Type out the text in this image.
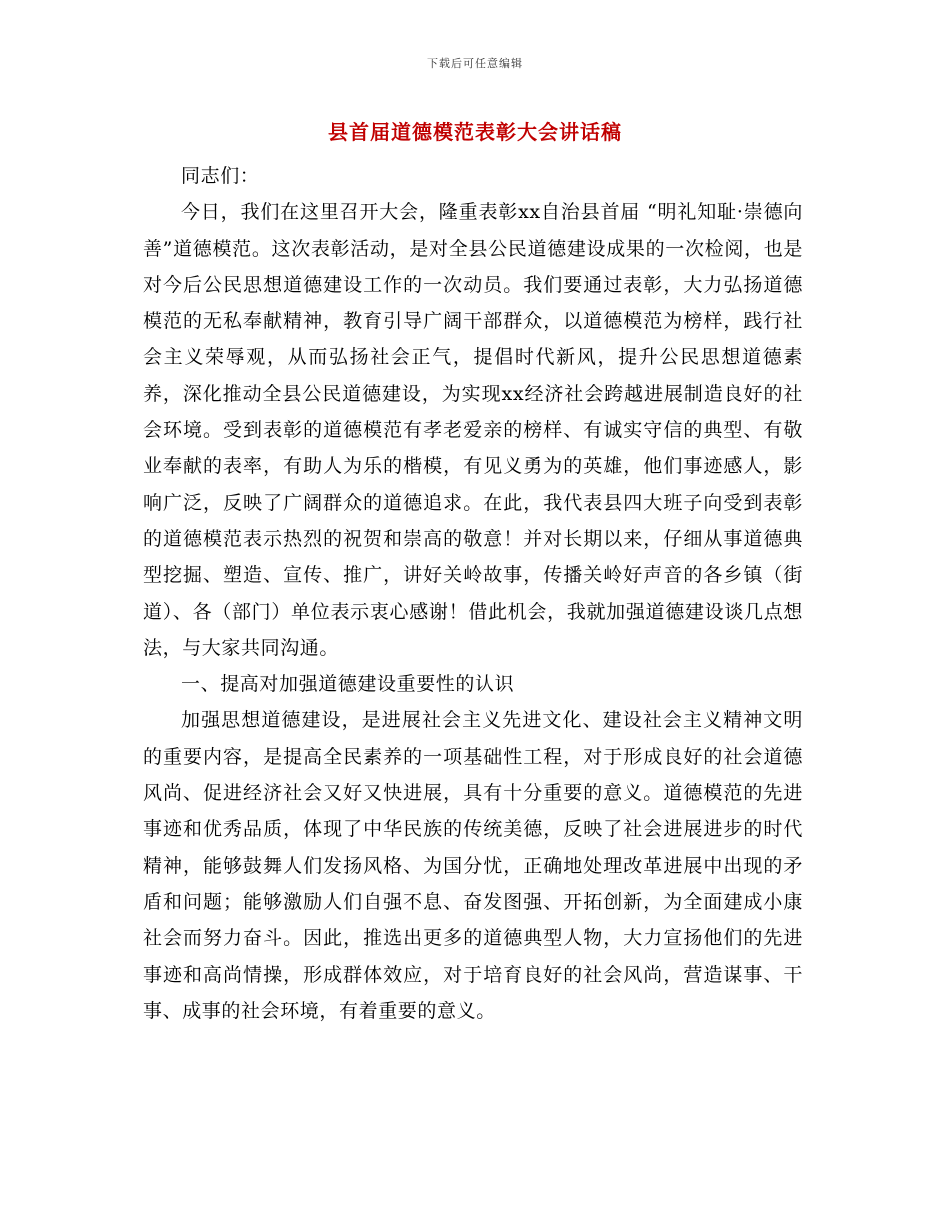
下载后可任意编辑
县首届道德模范表彰大会讲话稿

同志们：

今日，我们在这里召开大会，隆重表彰xx自治县首届 “明礼知耻·崇德向善”道德模范。这次表彰活动，是对全县公民道德建设成果的一次检阅，也是对今后公民思想道德建设工作的一次动员。我们要通过表彰，大力弘扬道德模范的无私奉献精神，教育引导广阔干部群众，以道德模范为榜样，践行社会主义荣辱观，从而弘扬社会正气，提倡时代新风，提升公民思想道德素养，深化推动全县公民道德建设，为实现xx经济社会跨越进展制造良好的社会环境。受到表彰的道德模范有孝老爱亲的榜样、有诚实守信的典型、有敬业奉献的表率，有助人为乐的楷模，有见义勇为的英雄，他们事迹感人，影响广泛，反映了广阔群众的道德追求。在此，我代表县四大班子向受到表彰的道德模范表示热烈的祝贺和崇高的敬意！并对长期以来，仔细从事道德典型挖掘、塑造、宣传、推广，讲好关岭故事，传播关岭好声音的各乡镇（街道）、各（部门）单位表示衷心感谢！借此机会，我就加强道德建设谈几点想法，与大家共同沟通。

一、提高对加强道德建设重要性的认识

加强思想道德建设，是进展社会主义先进文化、建设社会主义精神文明的重要内容，是提高全民素养的一项基础性工程，对于形成良好的社会道德风尚、促进经济社会又好又快进展，具有十分重要的意义。道德模范的先进事迹和优秀品质，体现了中华民族的传统美德，反映了社会进展进步的时代精神，能够鼓舞人们发扬风格、为国分忧，正确地处理改革进展中出现的矛盾和问题；能够激励人们自强不息、奋发图强、开拓创新，为全面建成小康社会而努力奋斗。因此，推选出更多的道德典型人物，大力宣扬他们的先进事迹和高尚情操，形成群体效应，对于培育良好的社会风尚，营造谋事、干事、成事的社会环境，有着重要的意义。
